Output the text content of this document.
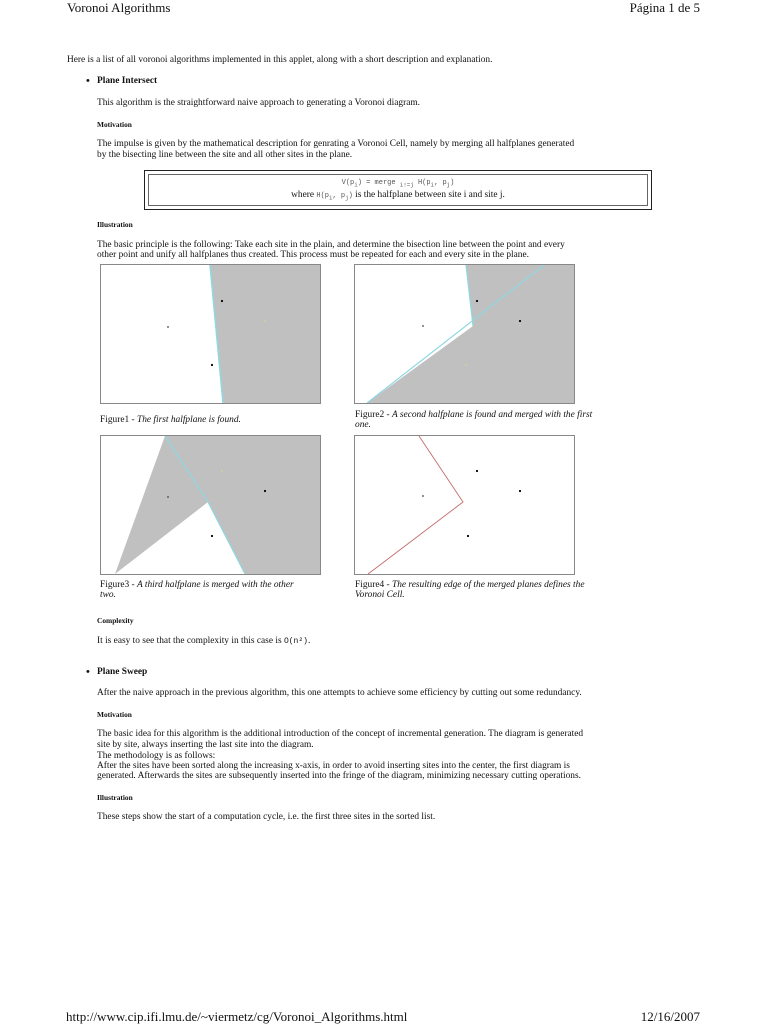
Voronoi Algorithms	Página 1 de 5
Here is a list of all voronoi algorithms implemented in this applet, along with a short description and explanation.
• Plane Intersect
This algorithm is the straightforward naive approach to generating a Voronoi diagram.
Motivation
The impulse is given by the mathematical description for genrating a Voronoi Cell, namely by merging all halfplanes generated
by the bisecting line between the site and all other sites in the plane.
$V(p_i)$ = merge $_{i!=j}$ $H(p_i$, $p_j$)
where $H(p_i$, $p_j$) is the halfplane between site i and site j.
Illustration
The basic principle is the following: Take each site in the plain, and determine the bisection line between the point and every
other point and unify all halfplanes thus created. This process must be repeated for each and every site in the plane.
Figure1 - The first halfplane is found.	Figure2 - A second halfplane is found and merged with the first
one.
Figure3 - A third halfplane is merged with the other
two.
Figure4 - The resulting edge of the merged planes defines the
Voronoi Cell.
Complexity
It is easy to see that the complexity in this case is O(n²).
• Plane Sweep
After the naive approach in the previous algorithm, this one attempts to achieve some efficiency by cutting out some redundancy.
Motivation
The basic idea for this algorithm is the additional introduction of the concept of incremental generation. The diagram is generated
site by site, always inserting the last site into the diagram.
The methodology is as follows:
After the sites have been sorted along the increasing x-axis, in order to avoid inserting sites into the center, the first diagram is
generated. Afterwards the sites are subsequently inserted into the fringe of the diagram, minimizing necessary cutting operations.
Illustration
These steps show the start of a computation cycle, i.e. the first three sites in the sorted list.
http://www.cip.ifi.lmu.de/~viermetz/cg/Voronoi_Algorithms.html	12/16/2007
